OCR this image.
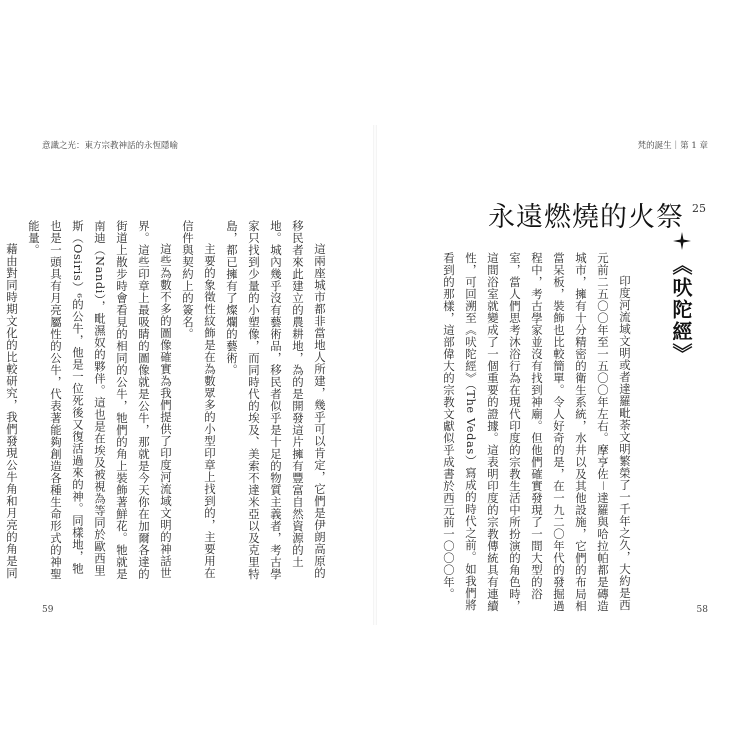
意識之光：東方宗教神話的永恆隱喻

這兩座城市都非當地人所建，幾乎可以肯定，它們是伊朗高原的移民者來此建立的農耕地，為的是開發這片擁有豐富自然資源的土地。城內幾乎沒有藝術品，移民者似乎是十足的物質主義者，考古學家只找到少量的小塑像，而同時代的埃及、美索不達米亞以及克里特島，都已擁有了燦爛的藝術。

主要的象徵性紋飾是在為數眾多的小型印章上找到的，主要用在信件與契約上的簽名。

這些為數不多的圖像確實為我們提供了印度河流域文明的神話世界。這些印章上最吸睛的圖像就是公牛，那就是今天你在加爾各達的街道上散步時會看見的相同的公牛，牠們的角上裝飾著鮮花。牠就是南迪（Nandi），毗濕奴的夥伴。這也是在埃及被視為等同於歐西里斯（Osiris）⁶的公牛，他是一位死後又復活過來的神。同樣地，牠也是一頭具有月亮屬性的公牛，代表著能夠創造各種生命形式的神聖能量。

藉由對同時期文化的比較研究，我們發現公牛角和月亮的角是同

59
梵的誕生｜第 1 章
永遠燃燒的火祭 25
《吠陀經》

印度河流域文明或者達羅毗荼文明繁榮了一千年之久，大約是西元前二五〇〇年至一五〇〇年左右。摩亨佐－達羅與哈拉帕都是磚造城市，擁有十分精密的衛生系統，水井以及其他設施，它們的布局相當呆板，裝飾也比較簡單。令人好奇的是，在一九二〇年代的發掘過程中，考古學家並沒有找到神廟。但他們確實發現了一間大型的浴室，當人們思考沐浴行為在現代印度的宗教生活中所扮演的角色時，這間浴室就變成了一個重要的證據。這表明印度的宗教傳統具有連續性，可回溯至《吠陀經》（The Vedas）寫成的時代之前。如我們將看到的那樣，這部偉大的宗教文獻似乎成書於西元前一〇〇〇年。

58
